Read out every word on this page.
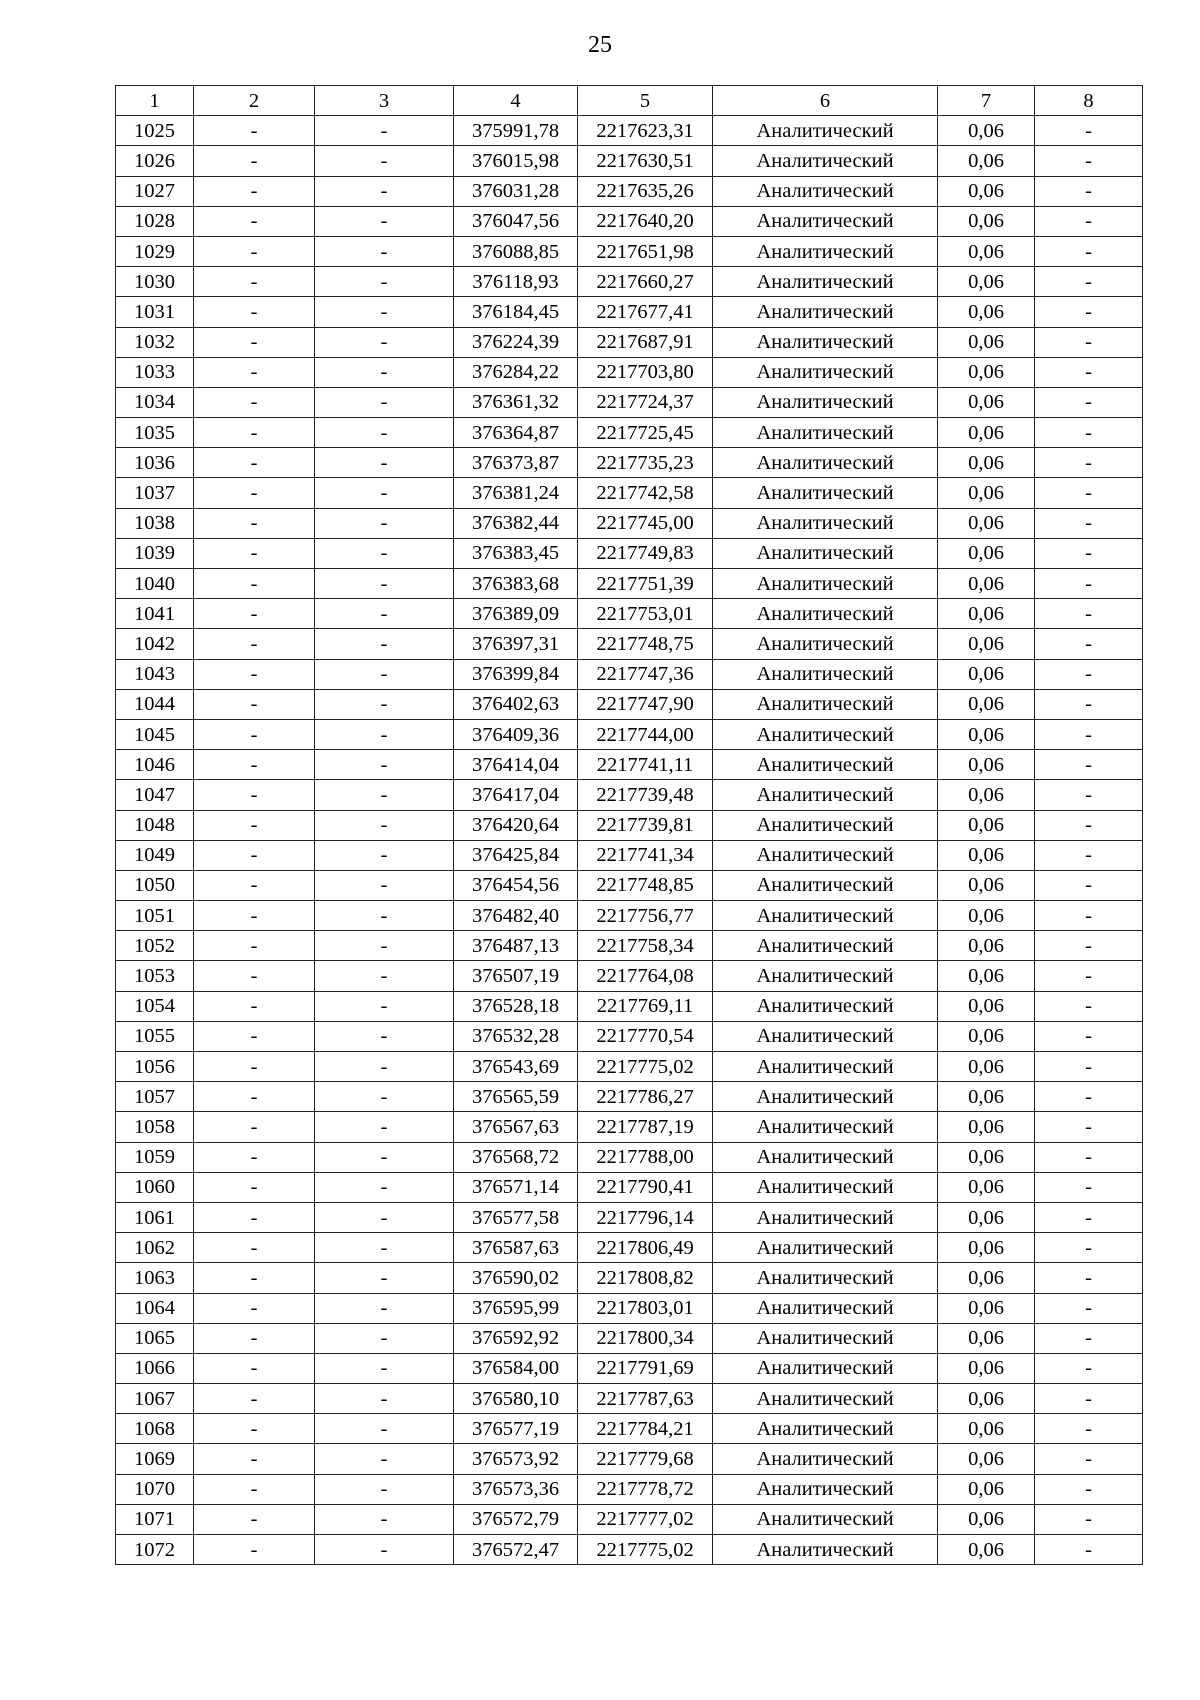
25
1	2	3	4	5	6	7	8
1025	-	-	375991,78	2217623,31	Аналитический	0,06	-
1026	-	-	376015,98	2217630,51	Аналитический	0,06	-
1027	-	-	376031,28	2217635,26	Аналитический	0,06	-
1028	-	-	376047,56	2217640,20	Аналитический	0,06	-
1029	-	-	376088,85	2217651,98	Аналитический	0,06	-
1030	-	-	376118,93	2217660,27	Аналитический	0,06	-
1031	-	-	376184,45	2217677,41	Аналитический	0,06	-
1032	-	-	376224,39	2217687,91	Аналитический	0,06	-
1033	-	-	376284,22	2217703,80	Аналитический	0,06	-
1034	-	-	376361,32	2217724,37	Аналитический	0,06	-
1035	-	-	376364,87	2217725,45	Аналитический	0,06	-
1036	-	-	376373,87	2217735,23	Аналитический	0,06	-
1037	-	-	376381,24	2217742,58	Аналитический	0,06	-
1038	-	-	376382,44	2217745,00	Аналитический	0,06	-
1039	-	-	376383,45	2217749,83	Аналитический	0,06	-
1040	-	-	376383,68	2217751,39	Аналитический	0,06	-
1041	-	-	376389,09	2217753,01	Аналитический	0,06	-
1042	-	-	376397,31	2217748,75	Аналитический	0,06	-
1043	-	-	376399,84	2217747,36	Аналитический	0,06	-
1044	-	-	376402,63	2217747,90	Аналитический	0,06	-
1045	-	-	376409,36	2217744,00	Аналитический	0,06	-
1046	-	-	376414,04	2217741,11	Аналитический	0,06	-
1047	-	-	376417,04	2217739,48	Аналитический	0,06	-
1048	-	-	376420,64	2217739,81	Аналитический	0,06	-
1049	-	-	376425,84	2217741,34	Аналитический	0,06	-
1050	-	-	376454,56	2217748,85	Аналитический	0,06	-
1051	-	-	376482,40	2217756,77	Аналитический	0,06	-
1052	-	-	376487,13	2217758,34	Аналитический	0,06	-
1053	-	-	376507,19	2217764,08	Аналитический	0,06	-
1054	-	-	376528,18	2217769,11	Аналитический	0,06	-
1055	-	-	376532,28	2217770,54	Аналитический	0,06	-
1056	-	-	376543,69	2217775,02	Аналитический	0,06	-
1057	-	-	376565,59	2217786,27	Аналитический	0,06	-
1058	-	-	376567,63	2217787,19	Аналитический	0,06	-
1059	-	-	376568,72	2217788,00	Аналитический	0,06	-
1060	-	-	376571,14	2217790,41	Аналитический	0,06	-
1061	-	-	376577,58	2217796,14	Аналитический	0,06	-
1062	-	-	376587,63	2217806,49	Аналитический	0,06	-
1063	-	-	376590,02	2217808,82	Аналитический	0,06	-
1064	-	-	376595,99	2217803,01	Аналитический	0,06	-
1065	-	-	376592,92	2217800,34	Аналитический	0,06	-
1066	-	-	376584,00	2217791,69	Аналитический	0,06	-
1067	-	-	376580,10	2217787,63	Аналитический	0,06	-
1068	-	-	376577,19	2217784,21	Аналитический	0,06	-
1069	-	-	376573,92	2217779,68	Аналитический	0,06	-
1070	-	-	376573,36	2217778,72	Аналитический	0,06	-
1071	-	-	376572,79	2217777,02	Аналитический	0,06	-
1072	-	-	376572,47	2217775,02	Аналитический	0,06	-
